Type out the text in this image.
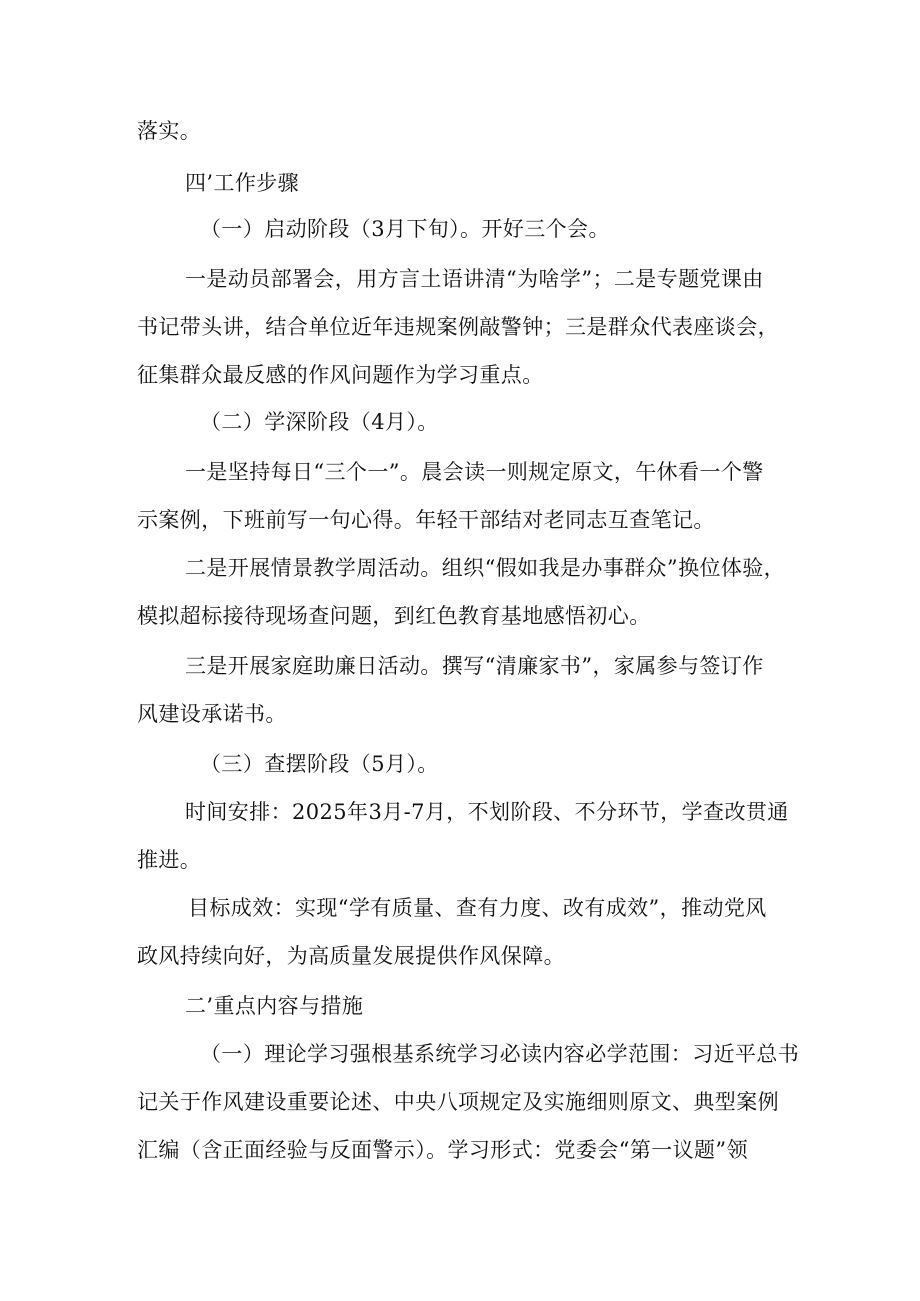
落实。
四’工作步骤
（一）启动阶段（3月下旬）。开好三个会。
一是动员部署会，用方言土语讲清“为啥学”；二是专题党课由
书记带头讲，结合单位近年违规案例敲警钟；三是群众代表座谈会，
征集群众最反感的作风问题作为学习重点。
（二）学深阶段（4月）。
一是坚持每日“三个一”。晨会读一则规定原文，午休看一个警
示案例，下班前写一句心得。年轻干部结对老同志互查笔记。
二是开展情景教学周活动。组织“假如我是办事群众”换位体验，
模拟超标接待现场查问题，到红色教育基地感悟初心。
三是开展家庭助廉日活动。撰写“清廉家书”，家属参与签订作
风建设承诺书。
（三）查摆阶段（5月）。
时间安排：2025年3月-7月，不划阶段、不分环节，学查改贯通
推进。
目标成效：实现“学有质量、查有力度、改有成效”，推动党风
政风持续向好，为高质量发展提供作风保障。
二’重点内容与措施
（一）理论学习强根基系统学习必读内容必学范围：习近平总书
记关于作风建设重要论述、中央八项规定及实施细则原文、典型案例
汇编（含正面经验与反面警示）。学习形式：党委会“第一议题”领
